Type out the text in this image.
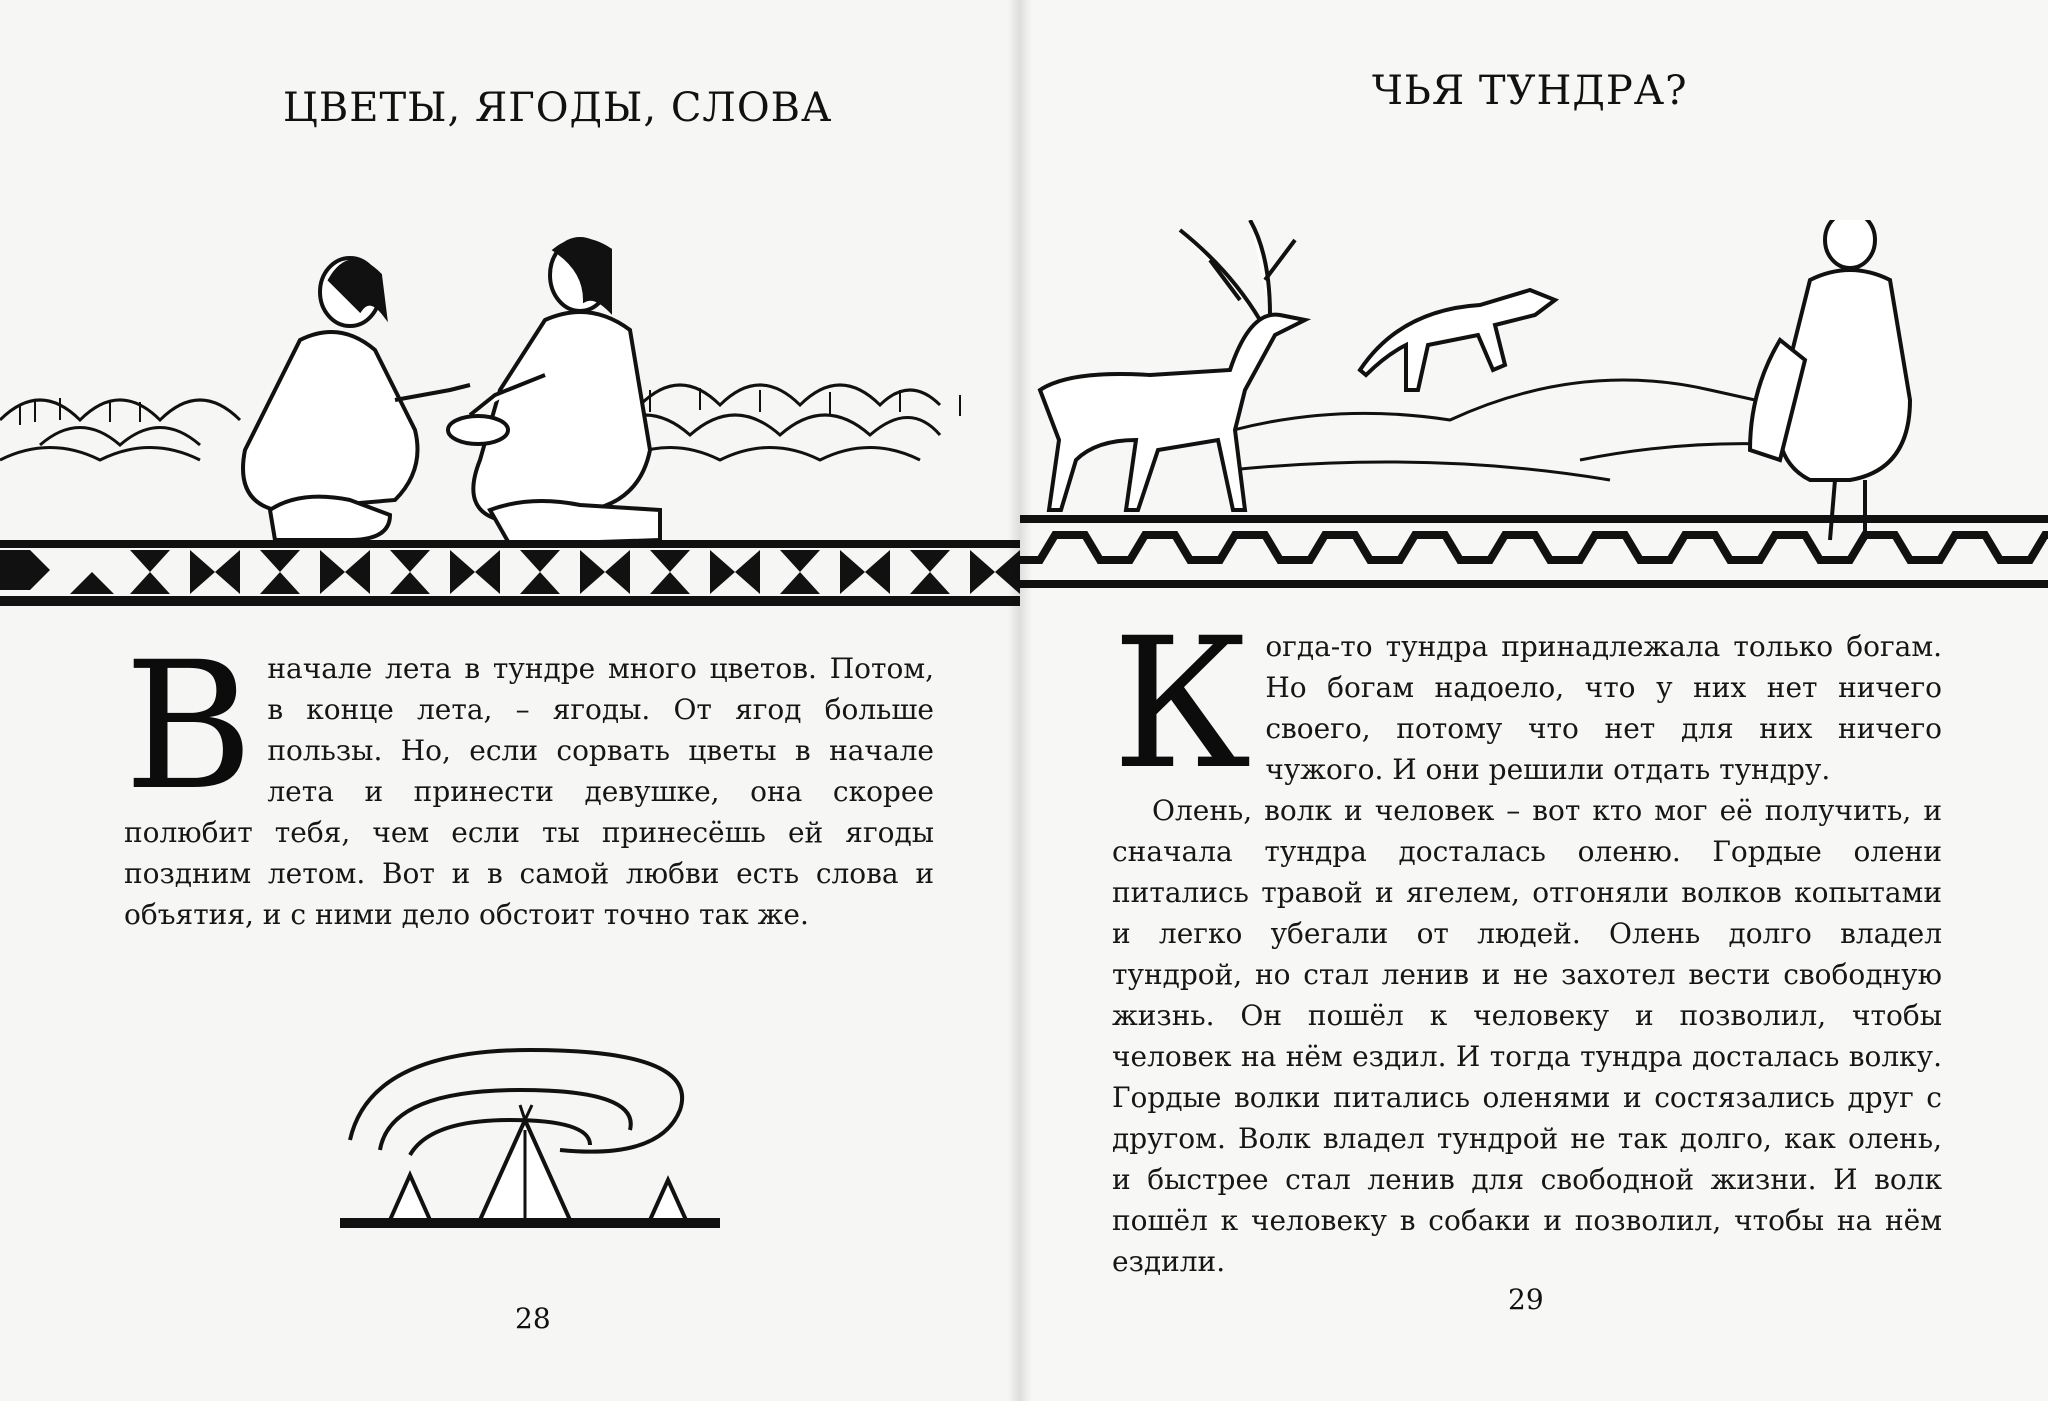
ЦВЕТЫ, ЯГОДЫ, СЛОВА
В начале лета в тундре много цветов. Потом, в конце лета, – ягоды. От ягод больше пользы. Но, если сорвать цветы в начале лета и принести девушке, она скорее полюбит тебя, чем если ты принесёшь ей ягоды поздним летом. Вот и в самой любви есть слова и объятия, и с ними дело обстоит точно так же.

28
ЧЬЯ ТУНДРА?
К огда-то тундра принадлежала только богам. Но богам надоело, что у них нет ничего своего, потому что нет для них ничего чужого. И они решили отдать тундру.

Олень, волк и человек – вот кто мог её получить, и сначала тундра досталась оленю. Гордые олени питались травой и ягелем, отгоняли волков копытами и легко убегали от людей. Олень долго владел тундрой, но стал ленив и не захотел вести свободную жизнь. Он пошёл к человеку и позволил, чтобы человек на нём ездил. И тогда тундра досталась волку. Гордые волки питались оленями и состязались друг с другом. Волк владел тундрой не так долго, как олень, и быстрее стал ленив для свободной жизни. И волк пошёл к человеку в собаки и позволил, чтобы на нём ездили.

29
